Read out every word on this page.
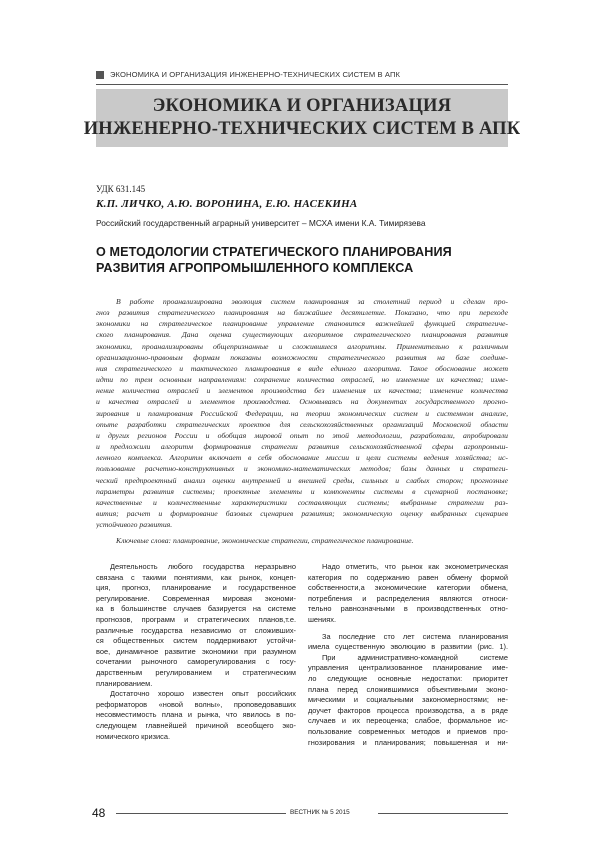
ЭКОНОМИКА И ОРГАНИЗАЦИЯ ИНЖЕНЕРНО-ТЕХНИЧЕСКИХ СИСТЕМ В АПК
ЭКОНОМИКА И ОРГАНИЗАЦИЯ
ИНЖЕНЕРНО-ТЕХНИЧЕСКИХ СИСТЕМ В АПК
УДК 631.145
К.П. ЛИЧКО, А.Ю. ВОРОНИНА, Е.Ю. НАСЕКИНА
Российский государственный аграрный университет – МСХА имени К.А. Тимирязева
О МЕТОДОЛОГИИ СТРАТЕГИЧЕСКОГО ПЛАНИРОВАНИЯ
РАЗВИТИЯ АГРОПРОМЫШЛЕННОГО КОМПЛЕКСА
В работе проанализирована эволюция систем планирования за столетний период и сделан про-
гноз развития стратегического планирования на ближайшее десятилетие. Показано, что при переходе
экономики на стратегическое планирование управление становится важнейшей функцией стратегиче-
ского планирования. Дана оценка существующих алгоритмов стратегического планирования развития
экономики, проанализированы общепризнанные и сложившиеся алгоритмы. Применительно к различным
организационно-правовым формам показаны возможности стратегического развития на базе соедине-
ния стратегического и тактического планирования в виде единого алгоритма. Такое обоснование может
идти по трем основным направлениям: сохранение количества отраслей, но изменение их качества; изме-
нение количества отраслей и элементов производства без изменения их качества; изменение количества
и качества отраслей и элементов производства. Основываясь на документах государственного прогно-
зирования и планирования Российской Федерации, на теории экономических систем и системном анализе,
опыте разработки стратегических проектов для сельскохозяйственных организаций Московской области
и других регионов России и обобщая мировой опыт по этой методологии, разработали, апробировали
и предложили алгоритм формирования стратегии развития сельскохозяйственной сферы агропромыш-
ленного комплекса. Алгоритм включает в себя обоснование миссии и цели системы ведения хозяйства; ис-
пользование расчетно-конструктивных и экономико-математических методов; базы данных и стратеги-
ческий предпроектный анализ оценки внутренней и внешней среды, сильных и слабых сторон; прогнозные
параметры развития системы; проектные элементы и компоненты системы в сценарной постановке;
качественные и количественные характеристики составляющих системы; выбранные стратегии раз-
вития; расчет и формирование базовых сценариев развития; экономическую оценку выбранных сценариев
устойчивого развития.
Ключевые слова: планирование, экономические стратегии, стратегическое планирование.
Деятельность любого государства неразрывно
связана с такими понятиями, как рынок, концеп-
ция, прогноз, планирование и государственное
регулирование. Современная мировая экономи-
ка в большинстве случаев базируется на системе
прогнозов, программ и стратегических планов,т.е.
различные государства независимо от сложивших-
ся общественных систем поддерживают устойчи-
вое, динамичное развитие экономики при разумном
сочетании рыночного саморегулирования с госу-
дарственным регулированием и стратегическим
планированием.
Достаточно хорошо известен опыт российских
реформаторов «новой волны», проповедовавших
несовместимость плана и рынка, что явилось в по-
следующем главнейшей причиной всеобщего эко-
номического кризиса.
Надо отметить, что рынок как эконометрическая
категория по содержанию равен обмену формой
собственности,а экономические категории обмена,
потребления и распределения являются относи-
тельно равнозначными в производственных отно-
шениях.
За последние сто лет система планирования
имела существенную эволюцию в развитии (рис. 1).
При административно-командной системе
управления централизованное планирование име-
ло следующие основные недостатки: приоритет
плана перед сложившимися объективными эконо-
мическими и социальными закономерностями; не-
доучет факторов процесса производства, а в ряде
случаев и их переоценка; слабое, формальное ис-
пользование современных методов и приемов про-
гнозирования и планирования; повышенная и ни-
48	ВЕСТНИК № 5 2015
